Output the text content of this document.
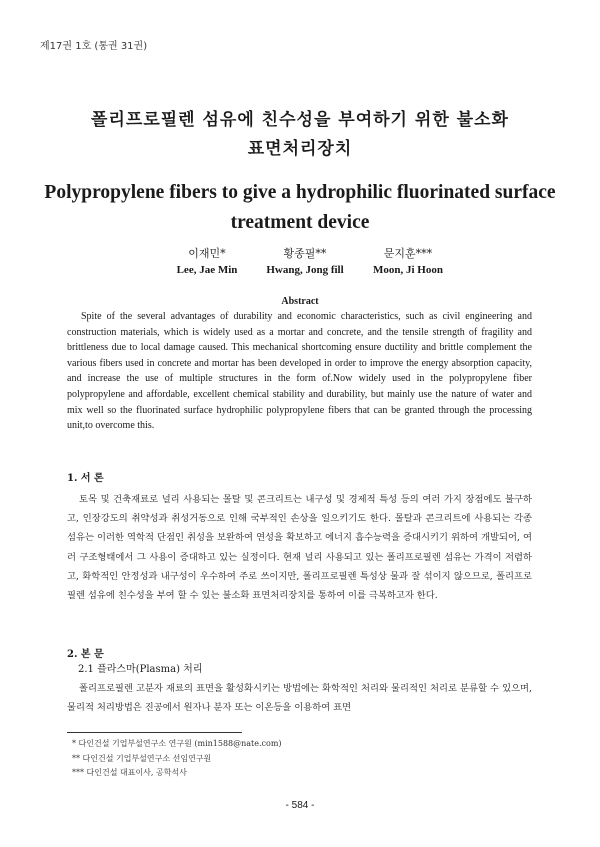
제17권 1호 (통권 31권)
폴리프로필렌 섬유에 친수성을 부여하기 위한 불소화
표면처리장치
Polypropylene fibers to give a hydrophilic fluorinated surface treatment device
이재민*
Lee, Jae Min
황종필**
Hwang, Jong fill
문지훈***
Moon, Ji Hoon
Abstract

Spite of the several advantages of durability and economic characteristics, such as civil engineering and construction materials, which is widely used as a mortar and concrete, and the tensile strength of fragility and brittleness due to local damage caused. This mechanical shortcoming ensure ductility and brittle complement the various fibers used in concrete and mortar has been developed in order to improve the energy absorption capacity, and increase the use of multiple structures in the form of.Now widely used in the polypropylene fiber polypropylene and affordable, excellent chemical stability and durability, but mainly use the nature of water and mix well so the fluorinated surface hydrophilic polypropylene fibers that can be granted through the processing unit,to overcome this.

1. 서 론

토목 및 건축재료로 널리 사용되는 몰탈 및 콘크리트는 내구성 및 경제적 특성 등의 여러 가지 장점에도 불구하고, 인장강도의 취약성과 취성거동으로 인해 국부적인 손상을 일으키기도 한다. 몰탈과 콘크리트에 사용되는 각종 섬유는 이러한 역학적 단점인 취성을 보완하여 연성을 확보하고 에너지 흡수능력을 증대시키기 위하여 개발되어, 여러 구조형태에서 그 사용이 증대하고 있는 실정이다. 현재 널리 사용되고 있는 폴리프로필렌 섬유는 가격이 저렴하고, 화학적인 안정성과 내구성이 우수하여 주로 쓰이지만, 폴리프로필렌 특성상 물과 잘 섞이지 않으므로, 폴리프로필렌 섬유에 친수성을 부여 할 수 있는 불소화 표면처리장치를 통하여 이를 극복하고자 한다.

2. 본 문
2.1 플라스마(Plasma) 처리

폴리프로필렌 고분자 재료의 표면을 활성화시키는 방법에는 화학적인 처리와 물리적인 처리로 분류할 수 있으며, 물리적 처리방법은 진공에서 원자나 분자 또는 이온등을 이용하여 표면

* 다인건설 기업부설연구소 연구원 (min1588@nate.com)
** 다인건설 기업부설연구소 선임연구원
*** 다인건설 대표이사, 공학석사
- 584 -
